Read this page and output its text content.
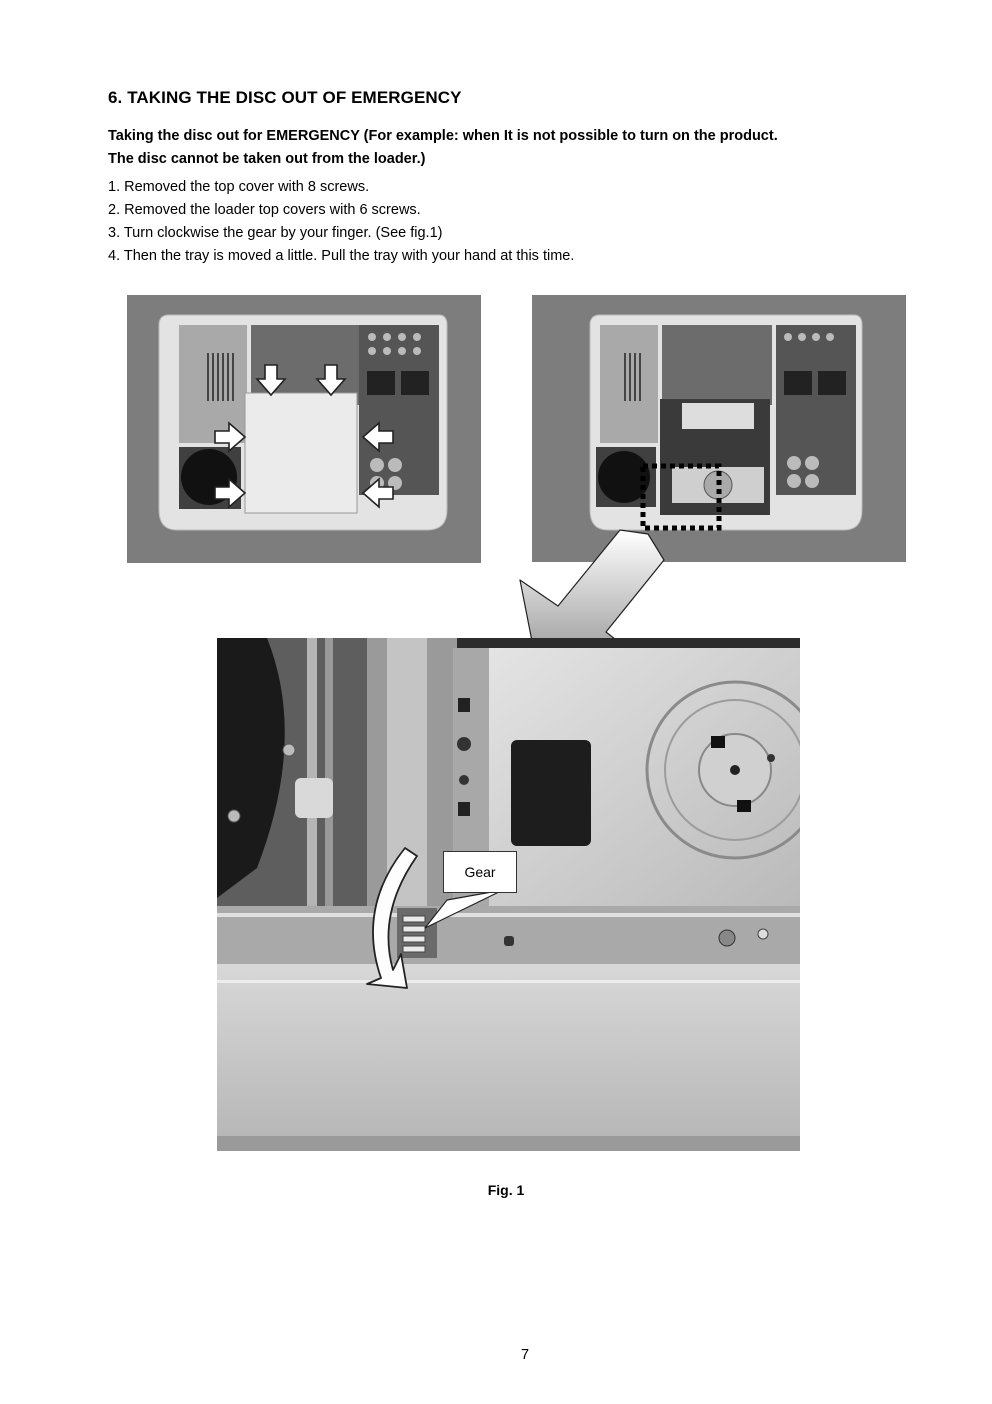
6. TAKING THE DISC OUT OF EMERGENCY
Taking the disc out for EMERGENCY (For example: when It is not possible to turn on the product.
The disc cannot be taken out from the loader.)
1. Removed the top cover with 8 screws.
2. Removed the loader top covers with 6 screws.
3. Turn clockwise the gear by your finger. (See fig.1)
4. Then the tray is moved a little. Pull the tray with your hand at this time.
Gear
Fig. 1
7
